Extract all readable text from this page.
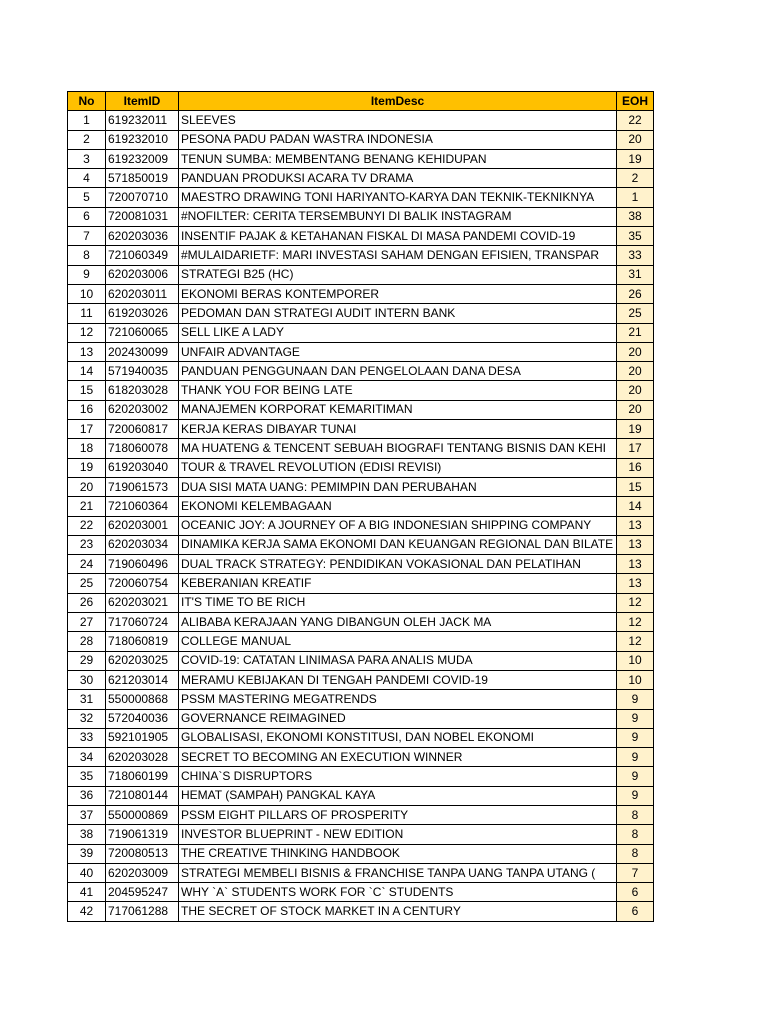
No	ItemID	ItemDesc	EOH
1	619232011	SLEEVES	22
2	619232010	PESONA PADU PADAN WASTRA INDONESIA	20
3	619232009	TENUN SUMBA: MEMBENTANG BENANG KEHIDUPAN	19
4	571850019	PANDUAN PRODUKSI ACARA TV DRAMA	2
5	720070710	MAESTRO DRAWING TONI HARIYANTO-KARYA DAN TEKNIK-TEKNIKNYA	1
6	720081031	#NOFILTER: CERITA TERSEMBUNYI DI BALIK INSTAGRAM	38
7	620203036	INSENTIF PAJAK & KETAHANAN FISKAL DI MASA PANDEMI COVID-19	35
8	721060349	#MULAIDARIETF: MARI INVESTASI SAHAM DENGAN EFISIEN, TRANSPAR	33
9	620203006	STRATEGI B25 (HC)	31
10	620203011	EKONOMI BERAS KONTEMPORER	26
11	619203026	PEDOMAN DAN STRATEGI AUDIT INTERN BANK	25
12	721060065	SELL LIKE A LADY	21
13	202430099	UNFAIR ADVANTAGE	20
14	571940035	PANDUAN PENGGUNAAN DAN PENGELOLAAN DANA DESA	20
15	618203028	THANK YOU FOR BEING LATE	20
16	620203002	MANAJEMEN KORPORAT KEMARITIMAN	20
17	720060817	KERJA KERAS DIBAYAR TUNAI	19
18	718060078	MA HUATENG & TENCENT SEBUAH BIOGRAFI TENTANG BISNIS DAN KEHI	17
19	619203040	TOUR & TRAVEL REVOLUTION (EDISI REVISI)	16
20	719061573	DUA SISI MATA UANG: PEMIMPIN DAN PERUBAHAN	15
21	721060364	EKONOMI KELEMBAGAAN	14
22	620203001	OCEANIC JOY: A JOURNEY OF A BIG INDONESIAN SHIPPING COMPANY	13
23	620203034	DINAMIKA KERJA SAMA EKONOMI DAN KEUANGAN REGIONAL DAN BILATE	13
24	719060496	DUAL TRACK STRATEGY: PENDIDIKAN VOKASIONAL DAN PELATIHAN	13
25	720060754	KEBERANIAN KREATIF	13
26	620203021	IT'S TIME TO BE RICH	12
27	717060724	ALIBABA KERAJAAN YANG DIBANGUN OLEH JACK MA	12
28	718060819	COLLEGE MANUAL	12
29	620203025	COVID-19: CATATAN LINIMASA PARA ANALIS MUDA	10
30	621203014	MERAMU KEBIJAKAN DI TENGAH PANDEMI COVID-19	10
31	550000868	PSSM MASTERING MEGATRENDS	9
32	572040036	GOVERNANCE REIMAGINED	9
33	592101905	GLOBALISASI, EKONOMI KONSTITUSI, DAN NOBEL EKONOMI	9
34	620203028	SECRET TO BECOMING AN EXECUTION WINNER	9
35	718060199	CHINA`S DISRUPTORS	9
36	721080144	HEMAT (SAMPAH) PANGKAL KAYA	9
37	550000869	PSSM EIGHT PILLARS OF PROSPERITY	8
38	719061319	INVESTOR BLUEPRINT - NEW EDITION	8
39	720080513	THE CREATIVE THINKING HANDBOOK	8
40	620203009	STRATEGI MEMBELI BISNIS & FRANCHISE TANPA UANG TANPA UTANG (	7
41	204595247	WHY `A` STUDENTS WORK FOR `C` STUDENTS	6
42	717061288	THE SECRET OF STOCK MARKET IN A CENTURY	6
